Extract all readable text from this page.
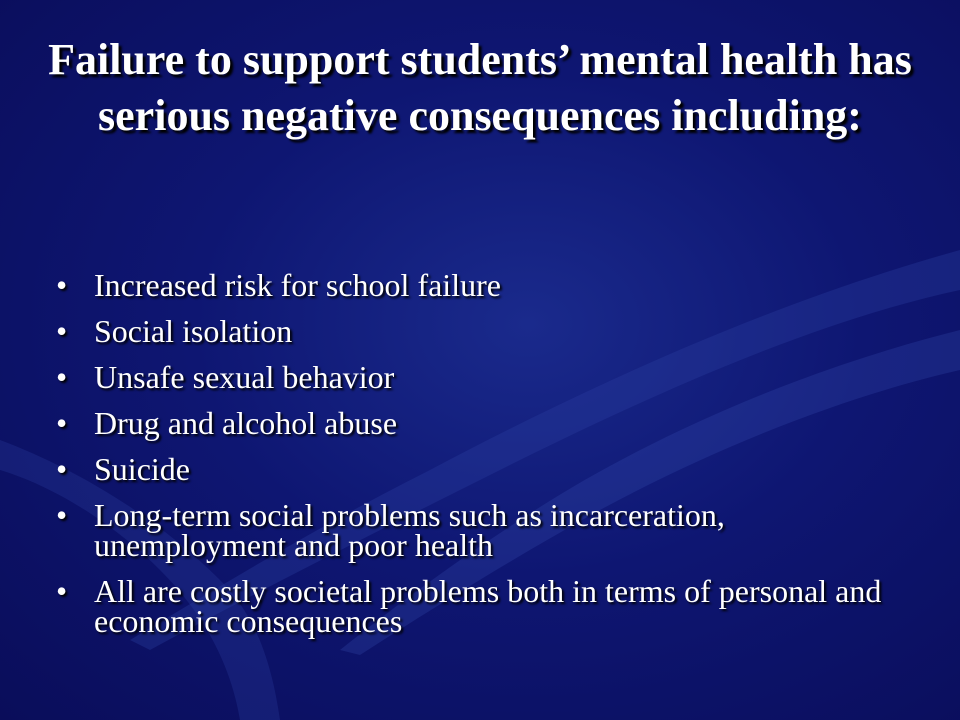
Failure to support students’ mental health has serious negative consequences including:
• Increased risk for school failure
• Social isolation
• Unsafe sexual behavior
• Drug and alcohol abuse
• Suicide
• Long-term social problems such as incarceration, unemployment and poor health
• All are costly societal problems both in terms of personal and economic consequences
